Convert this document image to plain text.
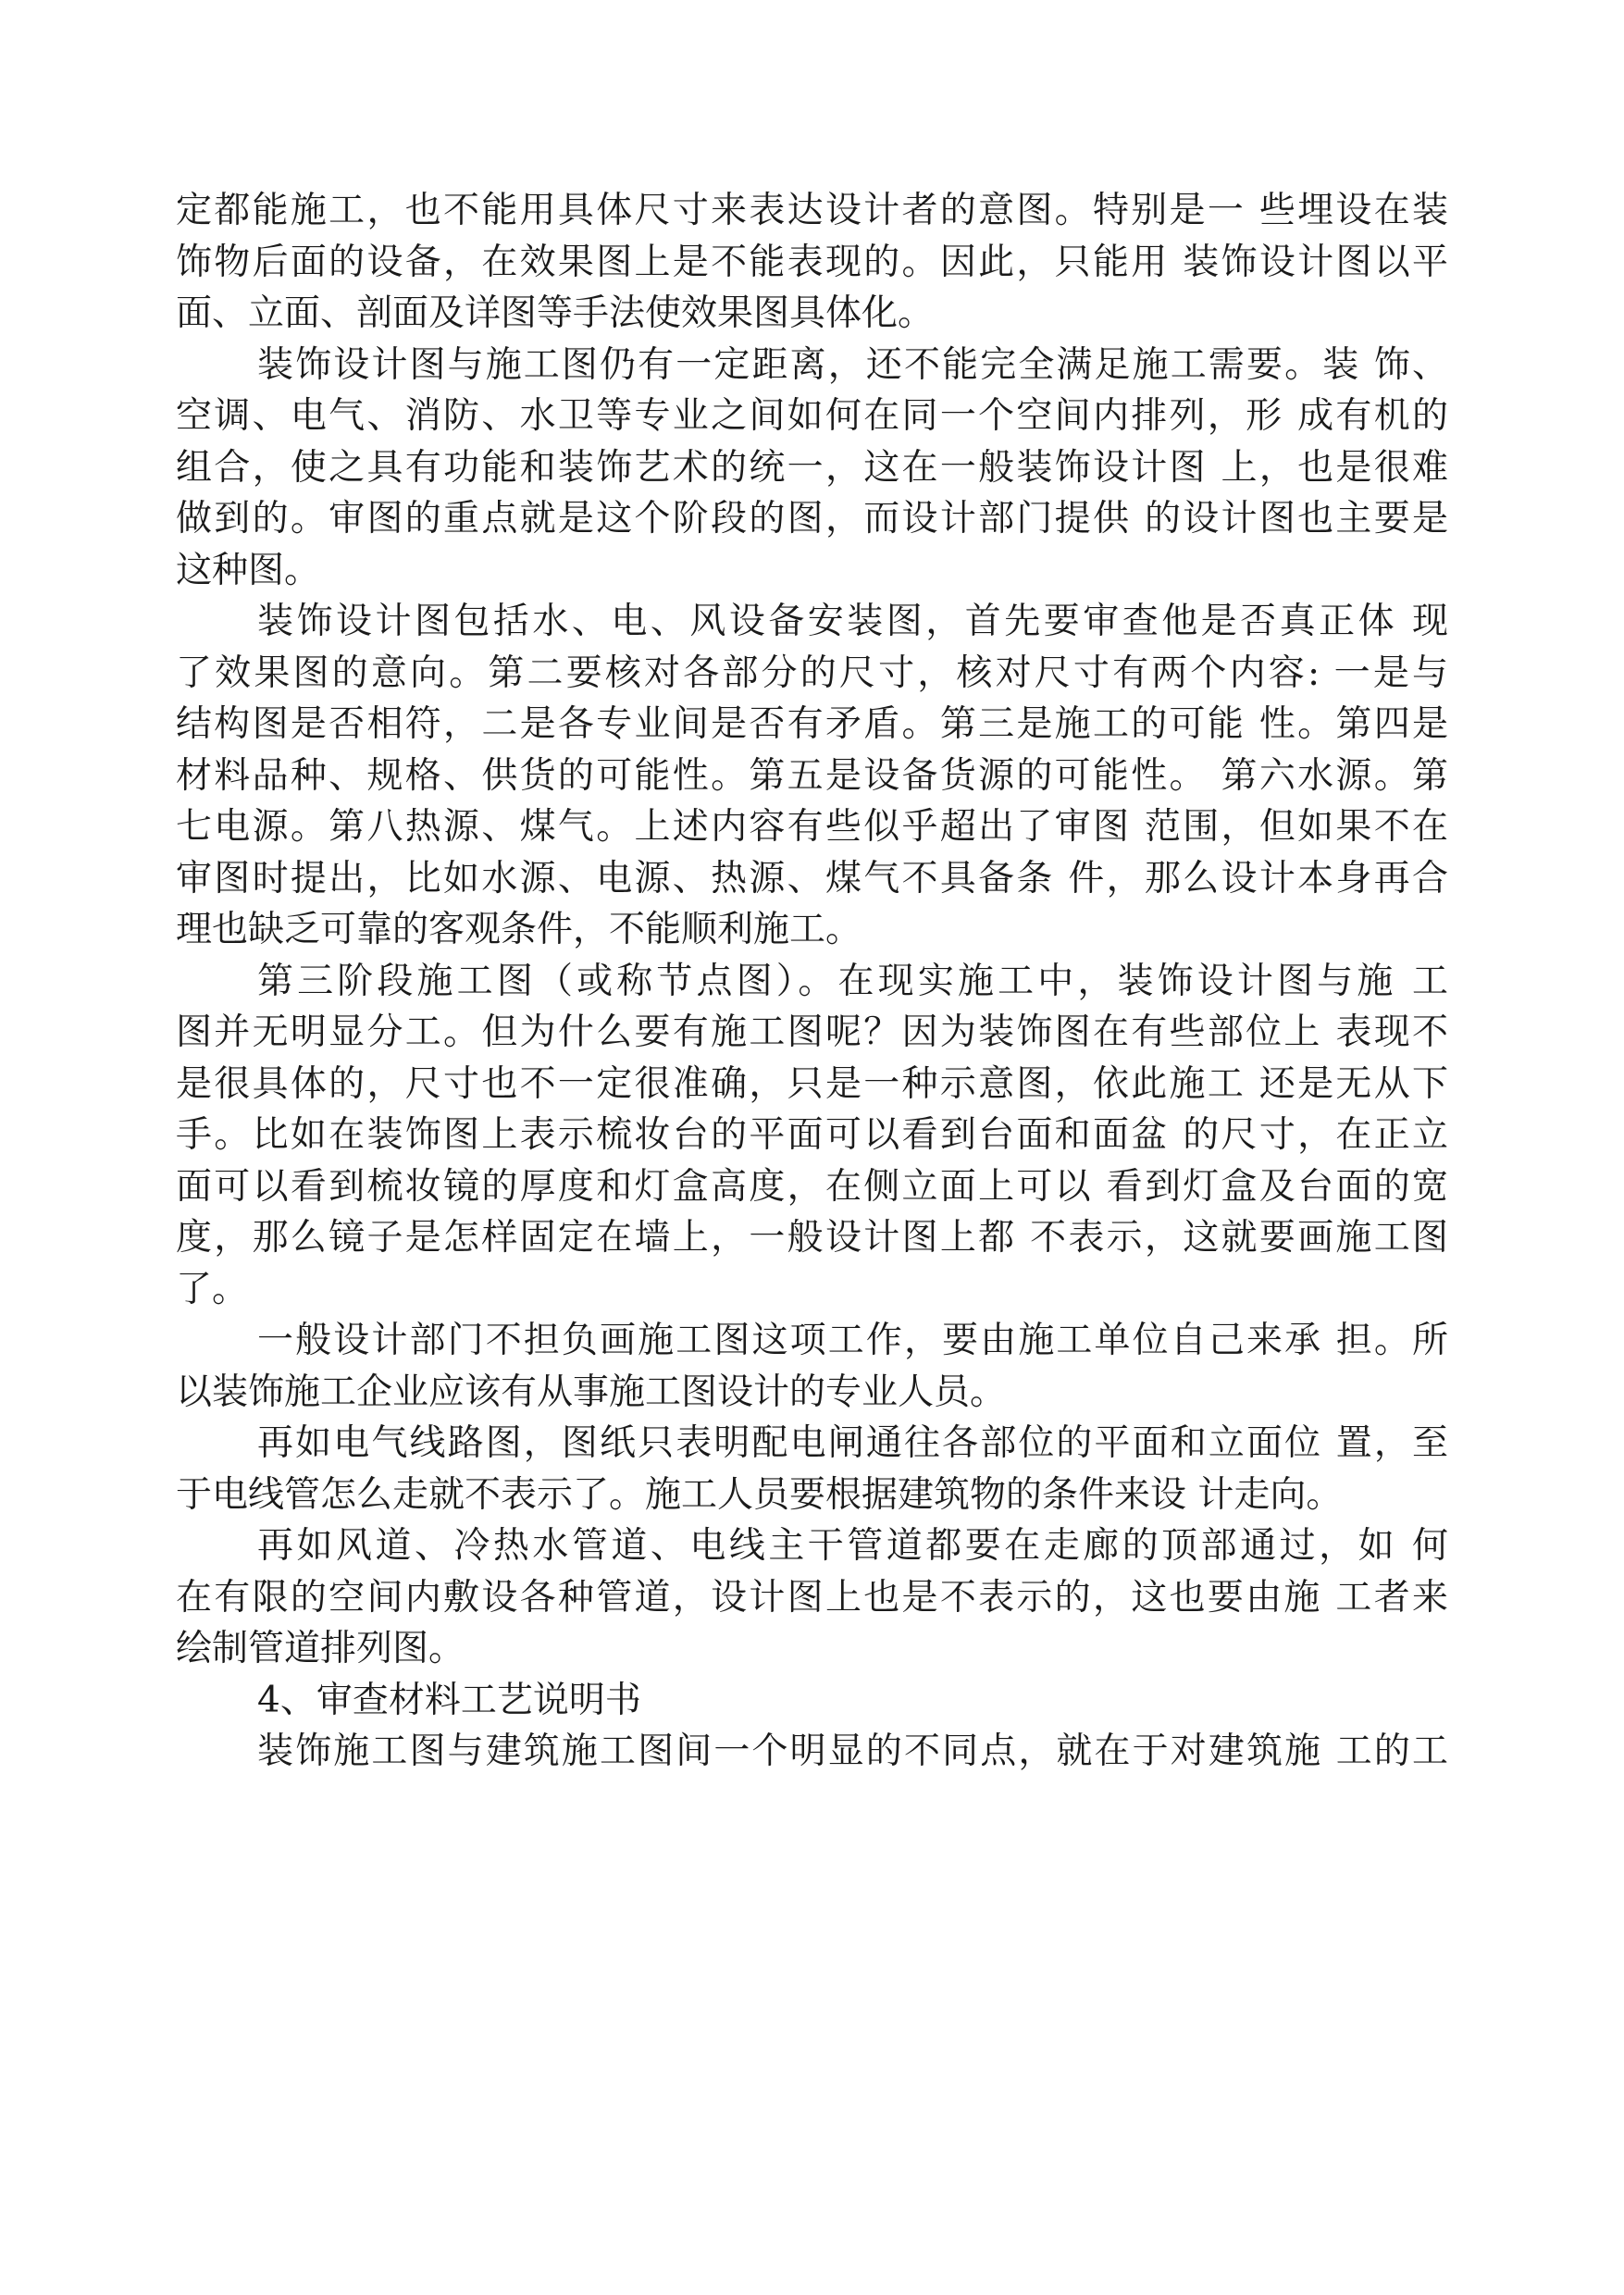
定都能施工，也不能用具体尺寸来表达设计者的意图。特别是一 些埋设在装
饰物后面的设备，在效果图上是不能表现的。因此，只能用 装饰设计图以平
面、立面、剖面及详图等手法使效果图具体化。
装饰设计图与施工图仍有一定距离，还不能完全满足施工需要。装 饰、
空调、电气、消防、水卫等专业之间如何在同一个空间内排列，形 成有机的
组合，使之具有功能和装饰艺术的统一，这在一般装饰设计图 上，也是很难
做到的。审图的重点就是这个阶段的图，而设计部门提供 的设计图也主要是
这种图。
装饰设计图包括水、电、风设备安装图，首先要审查他是否真正体 现
了效果图的意向。第二要核对各部分的尺寸，核对尺寸有两个内容: 一是与
结构图是否相符，二是各专业间是否有矛盾。第三是施工的可能 性。第四是
材料品种、规格、供货的可能性。第五是设备货源的可能性。 第六水源。第
七电源。第八热源、煤气。上述内容有些似乎超出了审图 范围，但如果不在
审图时提出，比如水源、电源、热源、煤气不具备条 件，那么设计本身再合
理也缺乏可靠的客观条件，不能顺利施工。
第三阶段施工图（或称节点图）。在现实施工中，装饰设计图与施 工
图并无明显分工。但为什么要有施工图呢？因为装饰图在有些部位上 表现不
是很具体的，尺寸也不一定很准确，只是一种示意图，依此施工 还是无从下
手。比如在装饰图上表示梳妆台的平面可以看到台面和面盆 的尺寸，在正立
面可以看到梳妆镜的厚度和灯盒高度，在侧立面上可以 看到灯盒及台面的宽
度，那么镜子是怎样固定在墙上，一般设计图上都 不表示，这就要画施工图
了。
一般设计部门不担负画施工图这项工作，要由施工单位自己来承 担。所
以装饰施工企业应该有从事施工图设计的专业人员。
再如电气线路图，图纸只表明配电闸通往各部位的平面和立面位 置，至
于电线管怎么走就不表示了。施工人员要根据建筑物的条件来设 计走向。
再如风道、冷热水管道、电线主干管道都要在走廊的顶部通过，如 何
在有限的空间内敷设各种管道，设计图上也是不表示的，这也要由施 工者来
绘制管道排列图。
4、审查材料工艺说明书
装饰施工图与建筑施工图间一个明显的不同点，就在于对建筑施 工的工
